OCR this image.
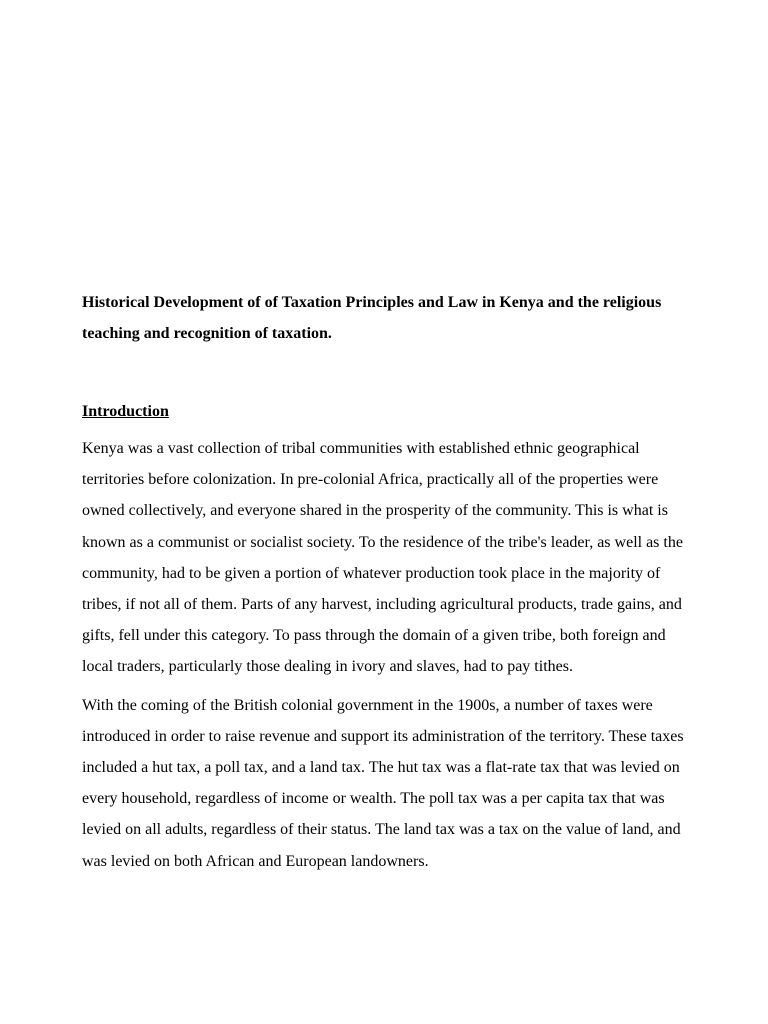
Historical Development of of Taxation Principles and Law in Kenya and the religious teaching and recognition of taxation.

Introduction

Kenya was a vast collection of tribal communities with established ethnic geographical territories before colonization. In pre-colonial Africa, practically all of the properties were owned collectively, and everyone shared in the prosperity of the community. This is what is known as a communist or socialist society. To the residence of the tribe's leader, as well as the community, had to be given a portion of whatever production took place in the majority of tribes, if not all of them. Parts of any harvest, including agricultural products, trade gains, and gifts, fell under this category. To pass through the domain of a given tribe, both foreign and local traders, particularly those dealing in ivory and slaves, had to pay tithes.

With the coming of the British colonial government in the 1900s, a number of taxes were introduced in order to raise revenue and support its administration of the territory. These taxes included a hut tax, a poll tax, and a land tax. The hut tax was a flat-rate tax that was levied on every household, regardless of income or wealth. The poll tax was a per capita tax that was levied on all adults, regardless of their status. The land tax was a tax on the value of land, and was levied on both African and European landowners.
